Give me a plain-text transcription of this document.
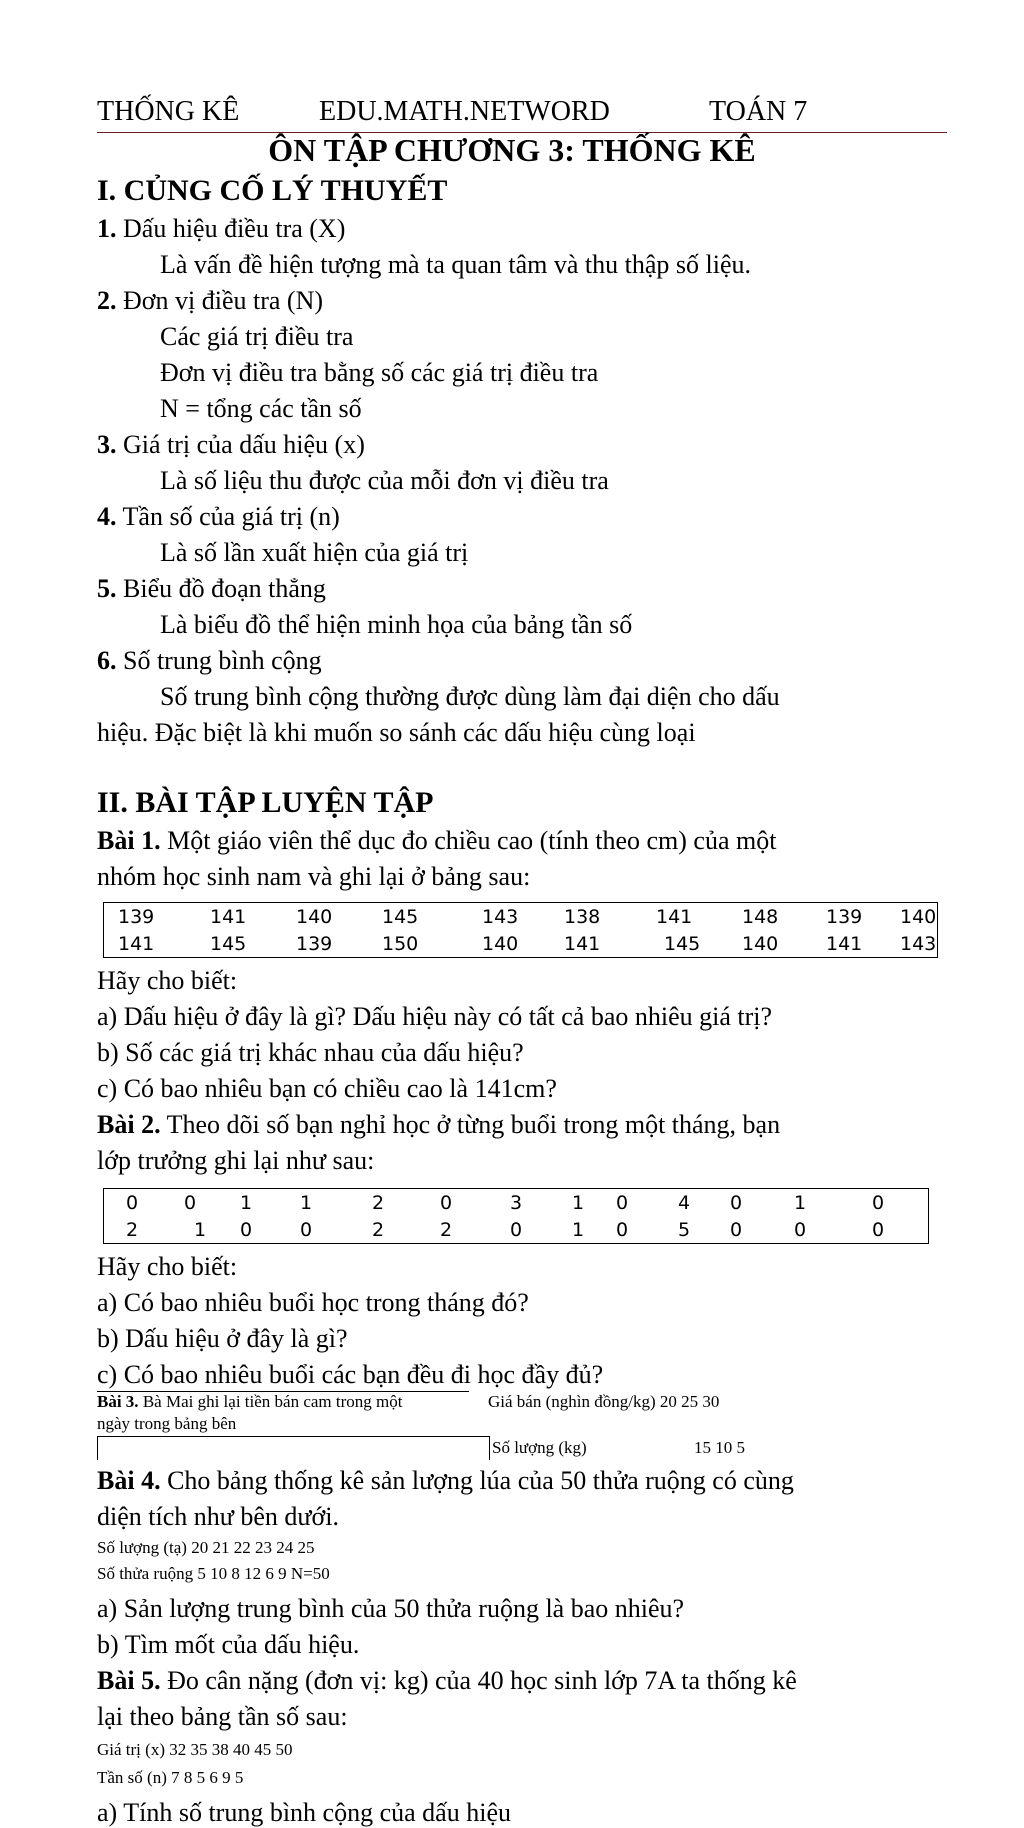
THỐNG KÊ	EDU.MATH.NETWORD	TOÁN 7
ÔN TẬP CHƯƠNG 3: THỐNG KÊ
I. CỦNG CỐ LÝ THUYẾT
1. Dấu hiệu điều tra (X)
Là vấn đề hiện tượng mà ta quan tâm và thu thập số liệu.
2. Đơn vị điều tra (N)
Các giá trị điều tra
Đơn vị điều tra bằng số các giá trị điều tra
N = tổng các tần số
3. Giá trị của dấu hiệu (x)
Là số liệu thu được của mỗi đơn vị điều tra
4. Tần số của giá trị (n)
Là số lần xuất hiện của giá trị
5. Biểu đồ đoạn thẳng
Là biểu đồ thể hiện minh họa của bảng tần số
6. Số trung bình cộng
Số trung bình cộng thường được dùng làm đại diện cho dấu
hiệu. Đặc biệt là khi muốn so sánh các dấu hiệu cùng loại
II. BÀI TẬP LUYỆN TẬP
Bài 1. Một giáo viên thể dục đo chiều cao (tính theo cm) của một
nhóm học sinh nam và ghi lại ở bảng sau:
139	141	140	145	143	138	141	148	139	140
141	145	139	150	140	141	145	140	141	143
Hãy cho biết:
a) Dấu hiệu ở đây là gì? Dấu hiệu này có tất cả bao nhiêu giá trị?
b) Số các giá trị khác nhau của dấu hiệu?
c) Có bao nhiêu bạn có chiều cao là 141cm?
Bài 2. Theo dõi số bạn nghỉ học ở từng buổi trong một tháng, bạn
lớp trưởng ghi lại như sau:
0	0	1	1	2	0	3	1	0	4	0	1	0
2	1	0	0	2	2	0	1	0	5	0	0	0
Hãy cho biết:
a) Có bao nhiêu buổi học trong tháng đó?
b) Dấu hiệu ở đây là gì?
c) Có bao nhiêu buổi các bạn đều đi học đầy đủ?
Bài 3. Bà Mai ghi lại tiền bán cam trong một
ngày trong bảng bên
Giá bán (nghìn đồng/kg) 20 25 30
Số lượng (kg)	15 10 5
Bài 4. Cho bảng thống kê sản lượng lúa của 50 thửa ruộng có cùng
diện tích như bên dưới.
Số lượng (tạ) 20 21 22 23 24 25
Số thửa ruộng 5 10 8 12 6 9 N=50
a) Sản lượng trung bình của 50 thửa ruộng là bao nhiêu?
b) Tìm mốt của dấu hiệu.
Bài 5. Đo cân nặng (đơn vị: kg) của 40 học sinh lớp 7A ta thống kê
lại theo bảng tần số sau:
Giá trị (x) 32 35 38 40 45 50
Tần số (n) 7 8 5 6 9 5
a) Tính số trung bình cộng của dấu hiệu
